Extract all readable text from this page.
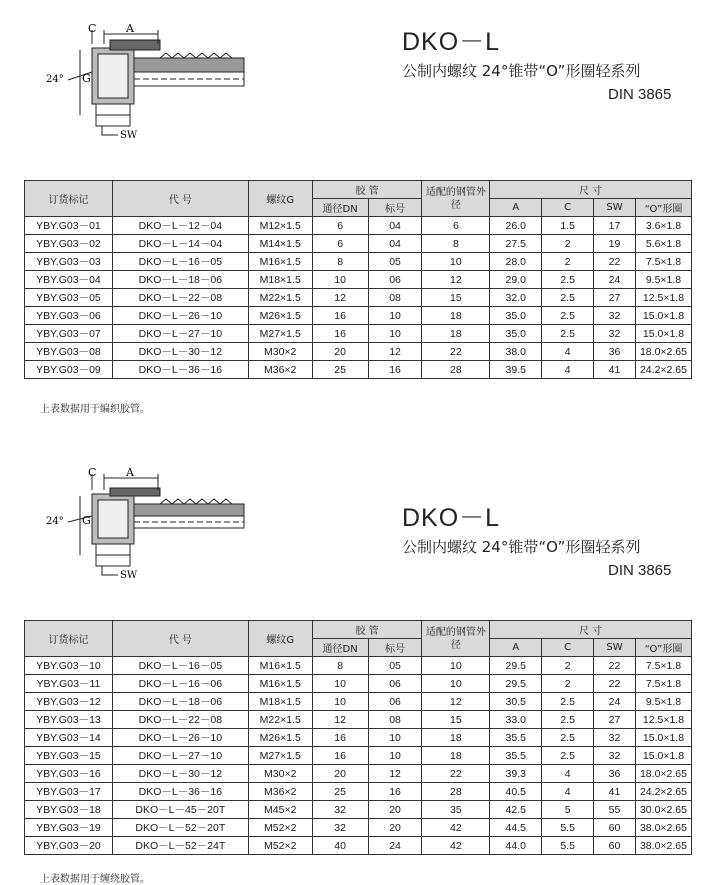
C	A
24° G
SW
DKO－L
公制内螺纹 24°锥带“O”形圈轻系列
DIN 3865
订货标记	代 号	螺纹G	胶 管		适配的钢管外径	尺 寸			
			通径DN	标号		A	C	SW	“O”形圈
YBY.G03－01	DKO－L－12－04	M12×1.5	6	04	6	26.0	1.5	17	3.6×1.8
YBY.G03－02	DKO－L－14－04	M14×1.5	6	04	8	27.5	2	19	5.6×1.8
YBY.G03－03	DKO－L－16－05	M16×1.5	8	05	10	28.0	2	22	7.5×1.8
YBY.G03－04	DKO－L－18－06	M18×1.5	10	06	12	29.0	2.5	24	9.5×1.8
YBY.G03－05	DKO－L－22－08	M22×1.5	12	08	15	32.0	2.5	27	12.5×1.8
YBY.G03－06	DKO－L－26－10	M26×1.5	16	10	18	35.0	2.5	32	15.0×1.8
YBY.G03－07	DKO－L－27－10	M27×1.5	16	10	18	35.0	2.5	32	15.0×1.8
YBY.G03－08	DKO－L－30－12	M30×2	20	12	22	38.0	4	36	18.0×2.65
YBY.G03－09	DKO－L－36－16	M36×2	25	16	28	39.5	4	41	24.2×2.65
上表数据用于编织胶管。
C	A
24° G
SW
DKO－L
公制内螺纹 24°锥带“O”形圈轻系列
DIN 3865
订货标记	代 号	螺纹G	胶 管		适配的钢管外径	尺 寸			
			通径DN	标号		A	C	SW	“O”形圈
YBY.G03－10	DKO－L－16－05	M16×1.5	8	05	10	29.5	2	22	7.5×1.8
YBY.G03－11	DKO－L－16－06	M16×1.5	10	06	10	29.5	2	22	7.5×1.8
YBY.G03－12	DKO－L－18－06	M18×1.5	10	06	12	30.5	2.5	24	9.5×1.8
YBY.G03－13	DKO－L－22－08	M22×1.5	12	08	15	33.0	2.5	27	12.5×1.8
YBY.G03－14	DKO－L－26－10	M26×1.5	16	10	18	35.5	2.5	32	15.0×1.8
YBY.G03－15	DKO－L－27－10	M27×1.5	16	10	18	35.5	2.5	32	15.0×1.8
YBY.G03－16	DKO－L－30－12	M30×2	20	12	22	39.3	4	36	18.0×2.65
YBY.G03－17	DKO－L－36－16	M36×2	25	16	28	40.5	4	41	24.2×2.65
YBY.G03－18	DKO－L－45－20T	M45×2	32	20	35	42.5	5	55	30.0×2.65
YBY.G03－19	DKO－L－52－20T	M52×2	32	20	42	44.5	5.5	60	38.0×2.65
YBY.G03－20	DKO－L－52－24T	M52×2	40	24	42	44.0	5.5	60	38.0×2.65
上表数据用于缠绕胶管。
